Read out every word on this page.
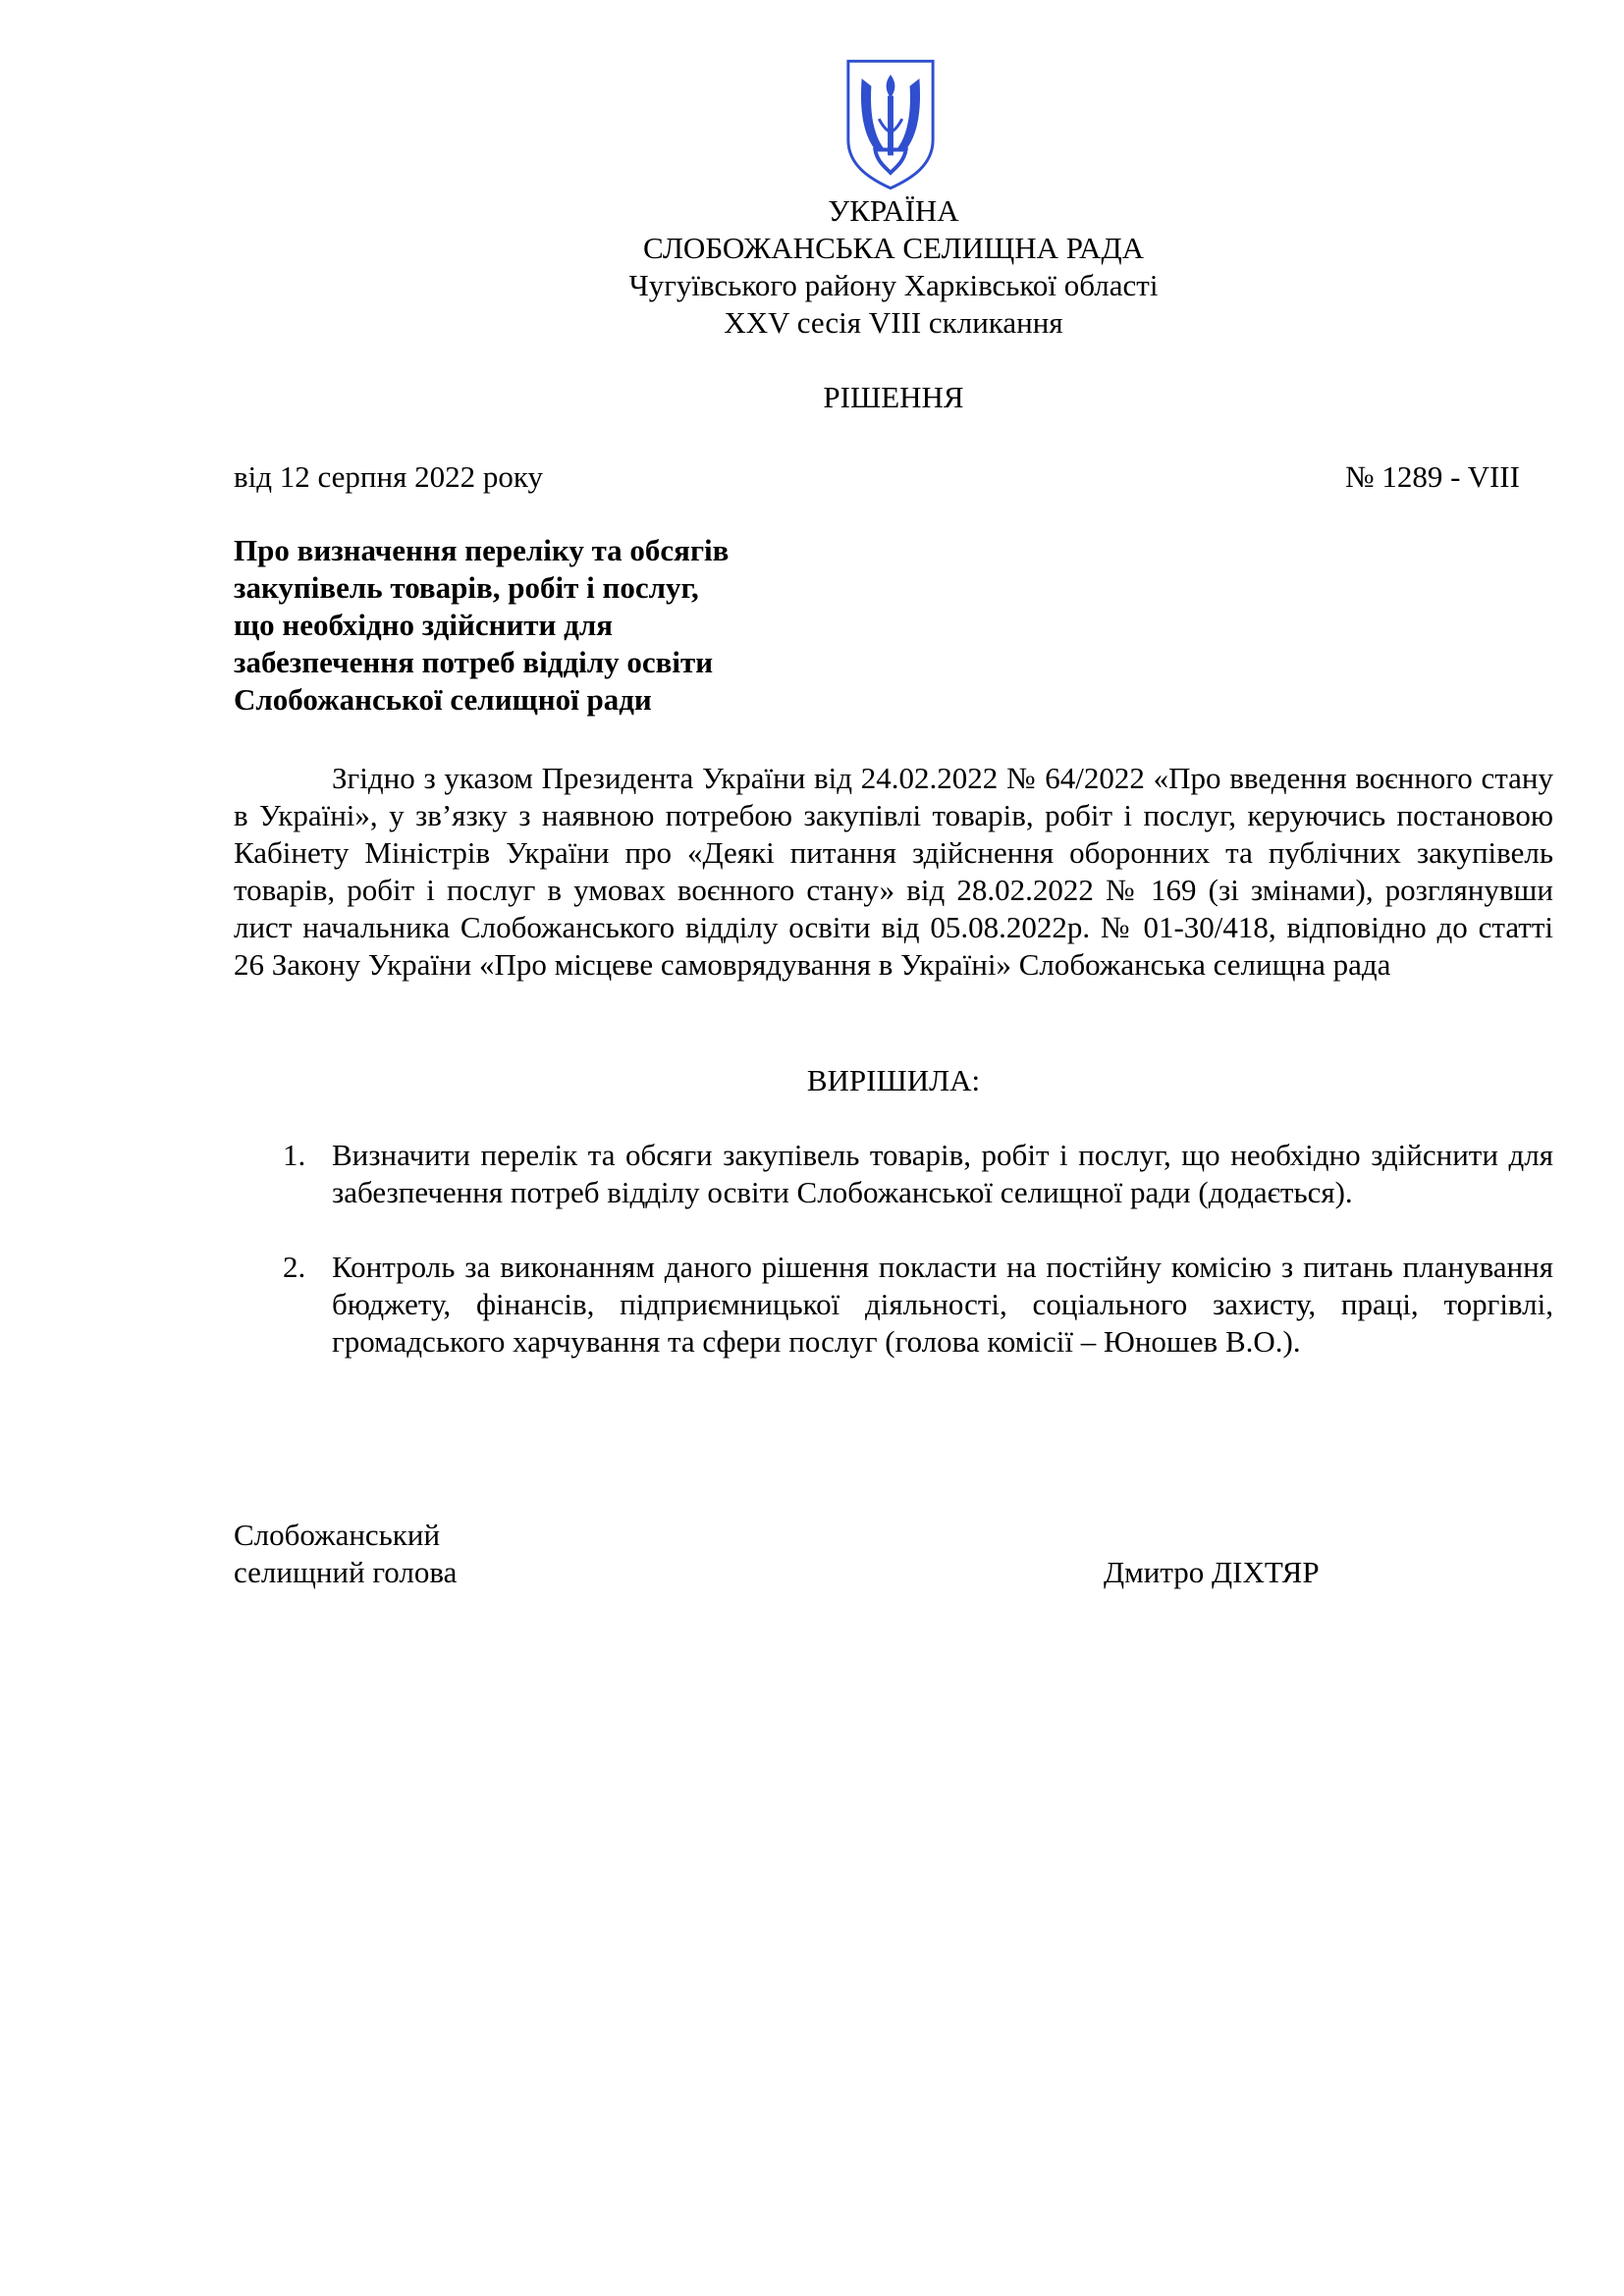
УКРАЇНА
СЛОБОЖАНСЬКА СЕЛИЩНА РАДА
Чугуївського району Харківської області
XXV сесія VIII скликання
РІШЕННЯ
від 12 серпня 2022 року	№ 1289 - VIII
Про визначення переліку та обсягів
закупівель товарів, робіт і послуг,
що необхідно здійснити для
забезпечення потреб відділу освіти
Слобожанської селищної ради
Згідно з указом Президента України від 24.02.2022 № 64/2022 «Про введення воєнного стану в Україні», у зв’язку з наявною потребою закупівлі товарів, робіт і послуг, керуючись постановою Кабінету Міністрів України про «Деякі питання здійснення оборонних та публічних закупівель товарів, робіт і послуг в умовах воєнного стану» від 28.02.2022 № 169 (зі змінами), розглянувши лист начальника Слобожанського відділу освіти від 05.08.2022р. № 01-30/418, відповідно до статті 26 Закону України «Про місцеве самоврядування в Україні» Слобожанська селищна рада
ВИРІШИЛА:
1. Визначити перелік та обсяги закупівель товарів, робіт і послуг, що необхідно здійснити для забезпечення потреб відділу освіти Слобожанської селищної ради (додається).
2. Контроль за виконанням даного рішення покласти на постійну комісію з питань планування бюджету, фінансів, підприємницької діяльності, соціального захисту, праці, торгівлі, громадського харчування та сфери послуг (голова комісії – Юношев В.О.).
Слобожанський
селищний голова	Дмитро ДІХТЯР
